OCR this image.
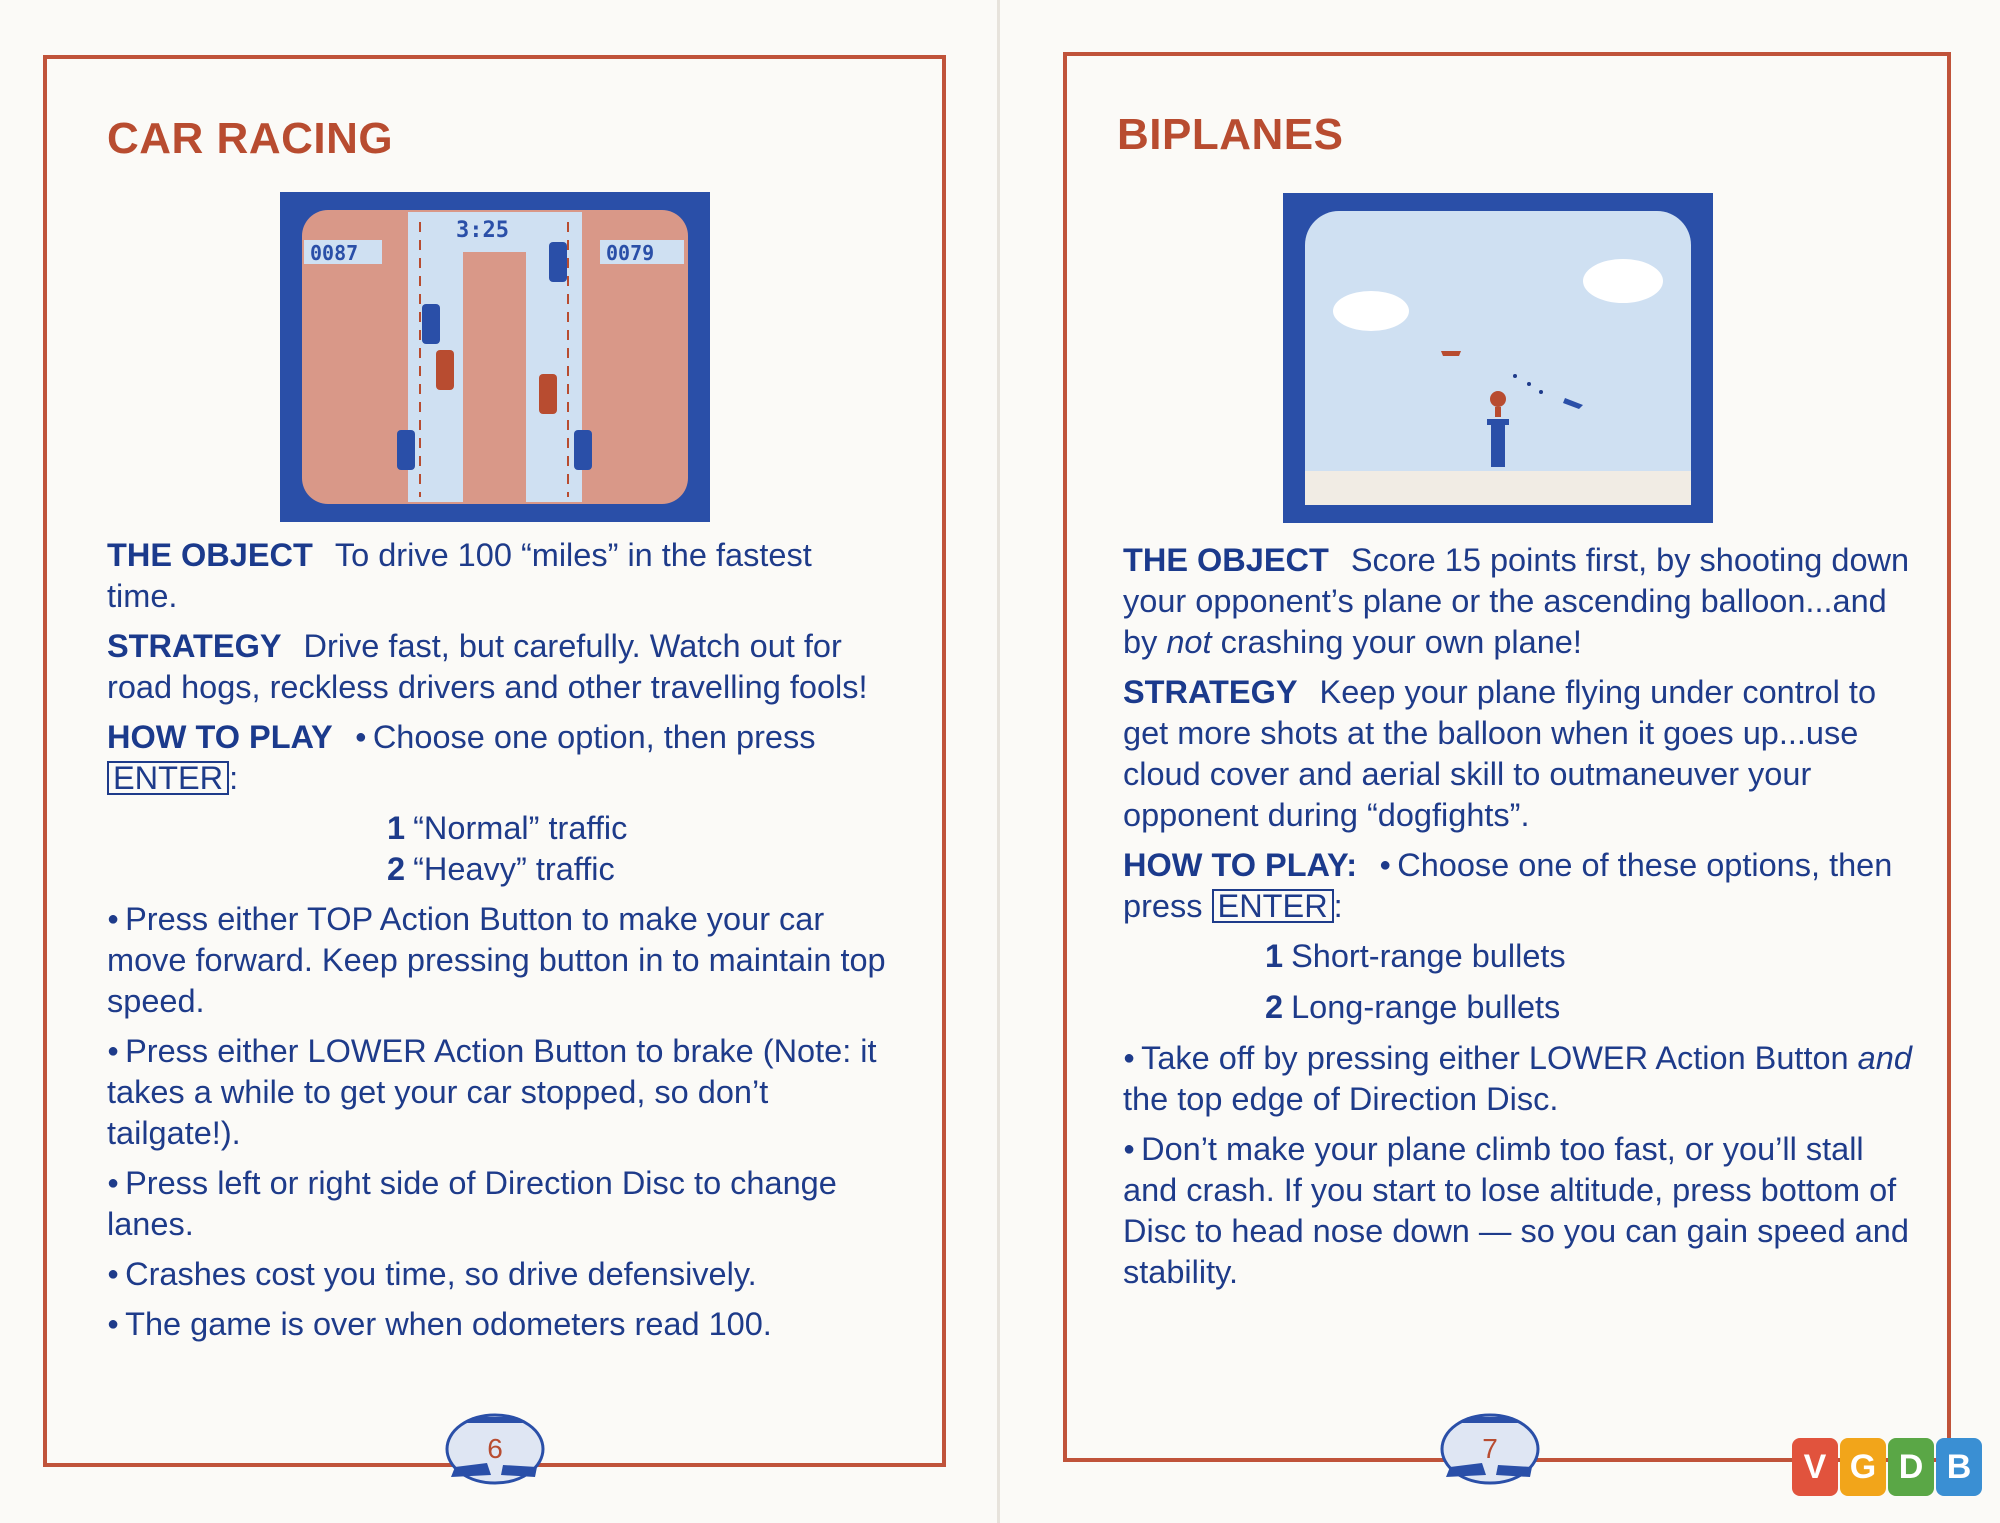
CAR RACING
0087
3:25
0079

THE OBJECT To drive 100 “miles” in the fastest time.

STRATEGY Drive fast, but carefully. Watch out for road hogs, reckless drivers and other travelling fools!

HOW TO PLAY ● Choose one option, then press ENTER :

1 “Normal” traffic

2 “Heavy” traffic

● Press either TOP Action Button to make your car move forward. Keep pressing button in to maintain top speed.

● Press either LOWER Action Button to brake (Note: it takes a while to get your car stopped, so don’t tailgate!).

● Press left or right side of Direction Disc to change lanes.

● Crashes cost you time, so drive defensively.

● The game is over when odometers read 100.

6
BIPLANES

THE OBJECT Score 15 points first, by shooting down your opponent’s plane or the ascending balloon...and by not crashing your own plane!

STRATEGY Keep your plane flying under control to get more shots at the balloon when it goes up...use cloud cover and aerial skill to outmaneuver your opponent during “dogfights”.

HOW TO PLAY: ● Choose one of these options, then press ENTER :

1 Short-range bullets

2 Long-range bullets

● Take off by pressing either LOWER Action Button and the top edge of Direction Disc.

● Don’t make your plane climb too fast, or you’ll stall and crash. If you start to lose altitude, press bottom of Disc to head nose down — so you can gain speed and stability.

7	V G D B
